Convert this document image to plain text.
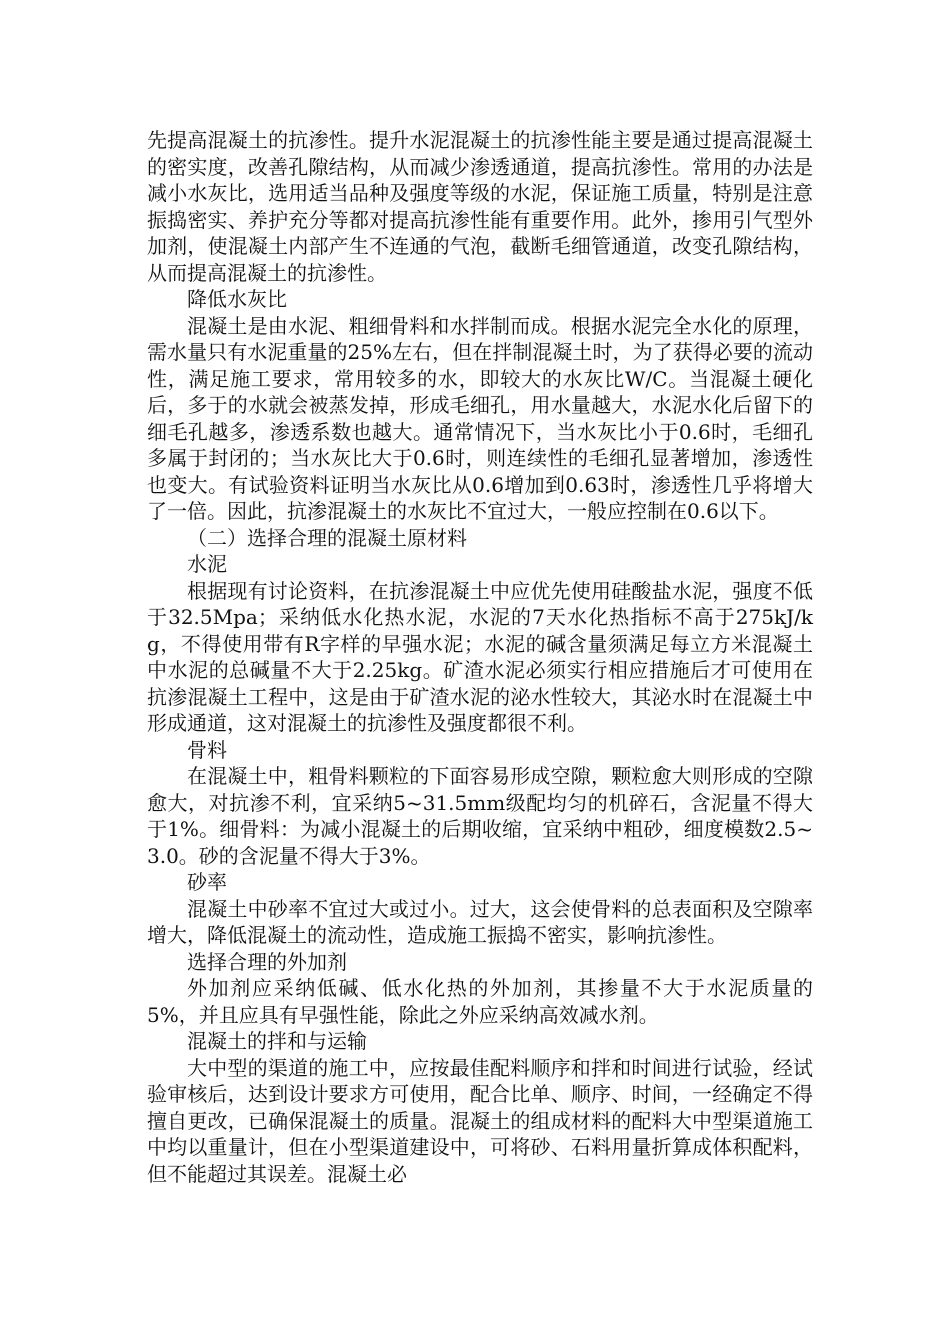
先提高混凝土的抗渗性。提升水泥混凝土的抗渗性能主要是通过提高混凝土的密实度，改善孔隙结构，从而减少渗透通道，提高抗渗性。常用的办法是减小水灰比，选用适当品种及强度等级的水泥，保证施工质量，特别是注意振捣密实、养护充分等都对提高抗渗性能有重要作用。此外，掺用引气型外加剂，使混凝土内部产生不连通的气泡，截断毛细管通道，改变孔隙结构，从而提高混凝土的抗渗性。

降低水灰比

混凝土是由水泥、粗细骨料和水拌制而成。根据水泥完全水化的原理，需水量只有水泥重量的25%左右，但在拌制混凝土时，为了获得必要的流动性，满足施工要求，常用较多的水，即较大的水灰比W/C。当混凝土硬化后，多于的水就会被蒸发掉，形成毛细孔，用水量越大，水泥水化后留下的细毛孔越多，渗透系数也越大。通常情况下，当水灰比小于0.6时，毛细孔多属于封闭的；当水灰比大于0.6时，则连续性的毛细孔显著增加，渗透性也变大。有试验资料证明当水灰比从0.6增加到0.63时，渗透性几乎将增大了一倍。因此，抗渗混凝土的水灰比不宜过大，一般应控制在0.6以下。

（二）选择合理的混凝土原材料

水泥

根据现有讨论资料，在抗渗混凝土中应优先使用硅酸盐水泥，强度不低于32.5Mpa；采纳低水化热水泥，水泥的7天水化热指标不高于275kJ/kg，不得使用带有R字样的早强水泥；水泥的碱含量须满足每立方米混凝土中水泥的总碱量不大于2.25kg。矿渣水泥必须实行相应措施后才可使用在抗渗混凝土工程中，这是由于矿渣水泥的泌水性较大，其泌水时在混凝土中形成通道，这对混凝土的抗渗性及强度都很不利。

骨料

在混凝土中，粗骨料颗粒的下面容易形成空隙，颗粒愈大则形成的空隙愈大，对抗渗不利，宜采纳5~31.5mm级配均匀的机碎石，含泥量不得大于1%。细骨料：为减小混凝土的后期收缩，宜采纳中粗砂，细度模数2.5~3.0。砂的含泥量不得大于3%。

砂率

混凝土中砂率不宜过大或过小。过大，这会使骨料的总表面积及空隙率增大，降低混凝土的流动性，造成施工振捣不密实，影响抗渗性。

选择合理的外加剂

外加剂应采纳低碱、低水化热的外加剂，其掺量不大于水泥质量的5%，并且应具有早强性能，除此之外应采纳高效减水剂。

混凝土的拌和与运输

大中型的渠道的施工中，应按最佳配料顺序和拌和时间进行试验，经试验审核后，达到设计要求方可使用，配合比单、顺序、时间，一经确定不得擅自更改，已确保混凝土的质量。混凝土的组成材料的配料大中型渠道施工中均以重量计，但在小型渠道建设中，可将砂、石料用量折算成体积配料，但不能超过其误差。混凝土必
